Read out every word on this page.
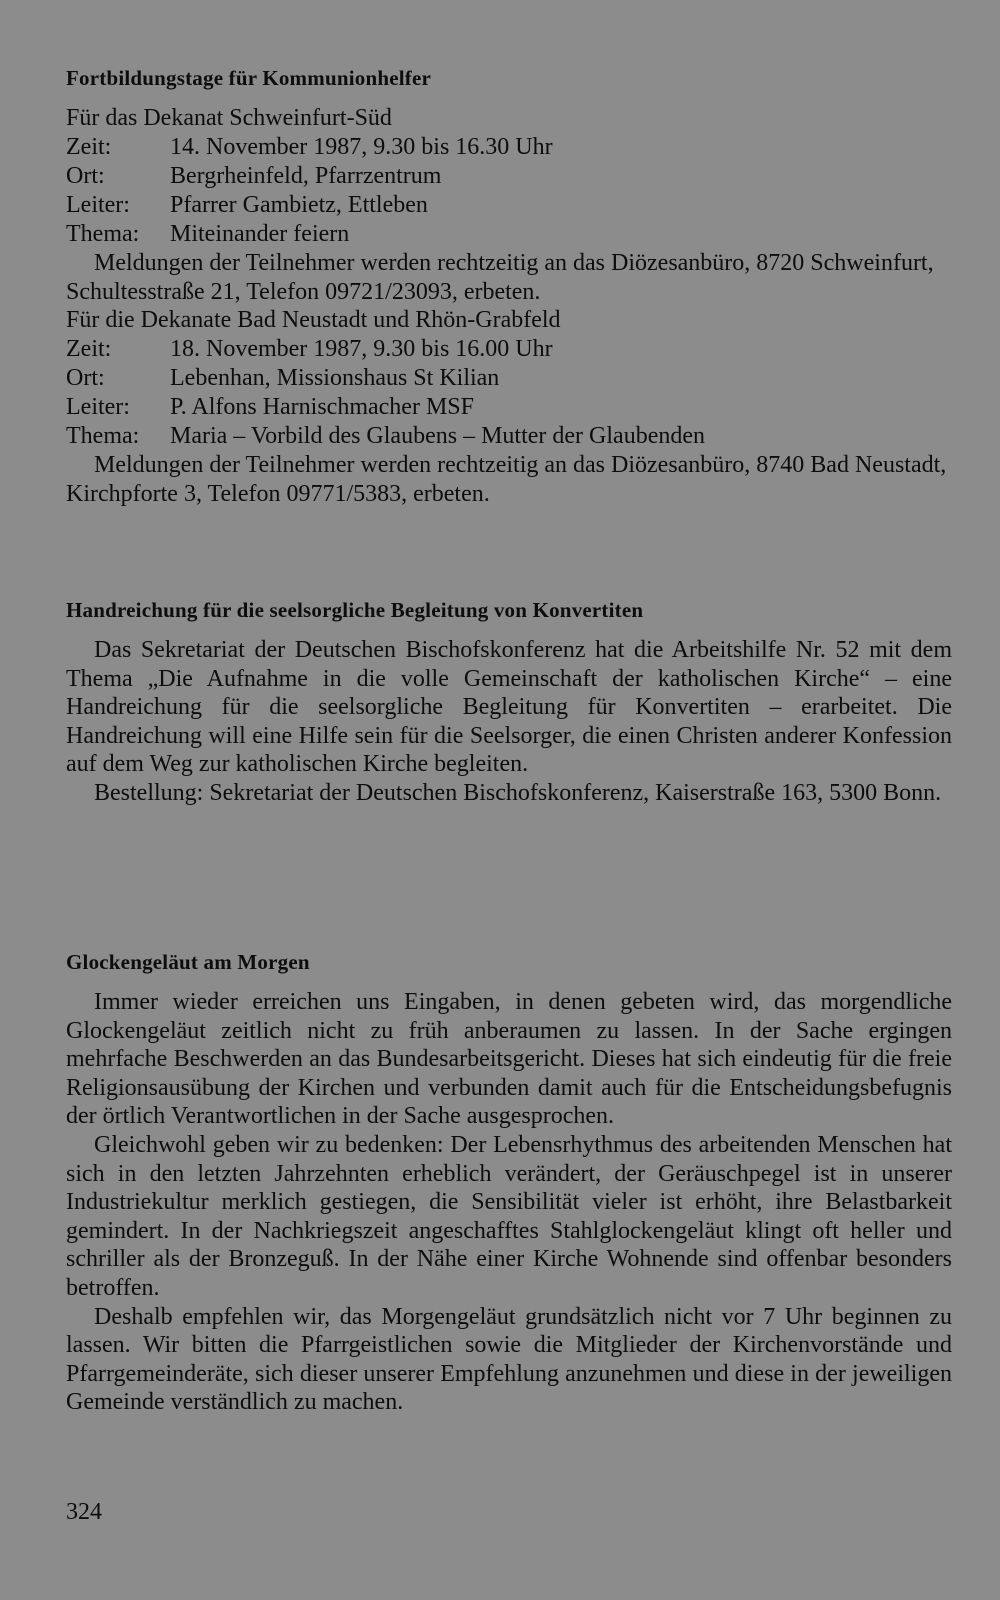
Fortbildungstage für Kommunionhelfer

Für das Dekanat Schweinfurt-Süd

Zeit:	14. November 1987, 9.30 bis 16.30 Uhr
Ort:	Bergrheinfeld, Pfarrzentrum
Leiter:	Pfarrer Gambietz, Ettleben
Thema:	Miteinander feiern

Meldungen der Teilnehmer werden rechtzeitig an das Diözesanbüro, 8720 Schweinfurt, Schultesstraße 21, Telefon 09721/23093, erbeten.

Für die Dekanate Bad Neustadt und Rhön-Grabfeld

Zeit:	18. November 1987, 9.30 bis 16.00 Uhr
Ort:	Lebenhan, Missionshaus St Kilian
Leiter:	P. Alfons Harnischmacher MSF
Thema:	Maria – Vorbild des Glaubens – Mutter der Glaubenden

Meldungen der Teilnehmer werden rechtzeitig an das Diözesanbüro, 8740 Bad Neustadt, Kirchpforte 3, Telefon 09771/5383, erbeten.

Handreichung für die seelsorgliche Begleitung von Konvertiten

Das Sekretariat der Deutschen Bischofskonferenz hat die Arbeitshilfe Nr. 52 mit dem Thema „Die Aufnahme in die volle Gemeinschaft der katholischen Kirche“ – eine Handreichung für die seelsorgliche Begleitung für Konvertiten – erarbeitet. Die Handreichung will eine Hilfe sein für die Seelsorger, die einen Christen anderer Konfession auf dem Weg zur katholischen Kirche begleiten.

Bestellung: Sekretariat der Deutschen Bischofskonferenz, Kaiserstraße 163, 5300 Bonn.

Glockengeläut am Morgen

Immer wieder erreichen uns Eingaben, in denen gebeten wird, das morgendliche Glockengeläut zeitlich nicht zu früh anberaumen zu lassen. In der Sache ergingen mehrfache Beschwerden an das Bundesarbeitsgericht. Dieses hat sich eindeutig für die freie Religionsausübung der Kirchen und verbunden damit auch für die Entscheidungsbefugnis der örtlich Verantwortlichen in der Sache ausgesprochen.

Gleichwohl geben wir zu bedenken: Der Lebensrhythmus des arbeitenden Menschen hat sich in den letzten Jahrzehnten erheblich verändert, der Geräuschpegel ist in unserer Industriekultur merklich gestiegen, die Sensibilität vieler ist erhöht, ihre Belastbarkeit gemindert. In der Nachkriegszeit angeschafftes Stahlglockengeläut klingt oft heller und schriller als der Bronzeguß. In der Nähe einer Kirche Wohnende sind offenbar besonders betroffen.

Deshalb empfehlen wir, das Morgengeläut grundsätzlich nicht vor 7 Uhr beginnen zu lassen. Wir bitten die Pfarrgeistlichen sowie die Mitglieder der Kirchenvorstände und Pfarrgemeinderäte, sich dieser unserer Empfehlung anzunehmen und diese in der jeweiligen Gemeinde verständlich zu machen.

324
